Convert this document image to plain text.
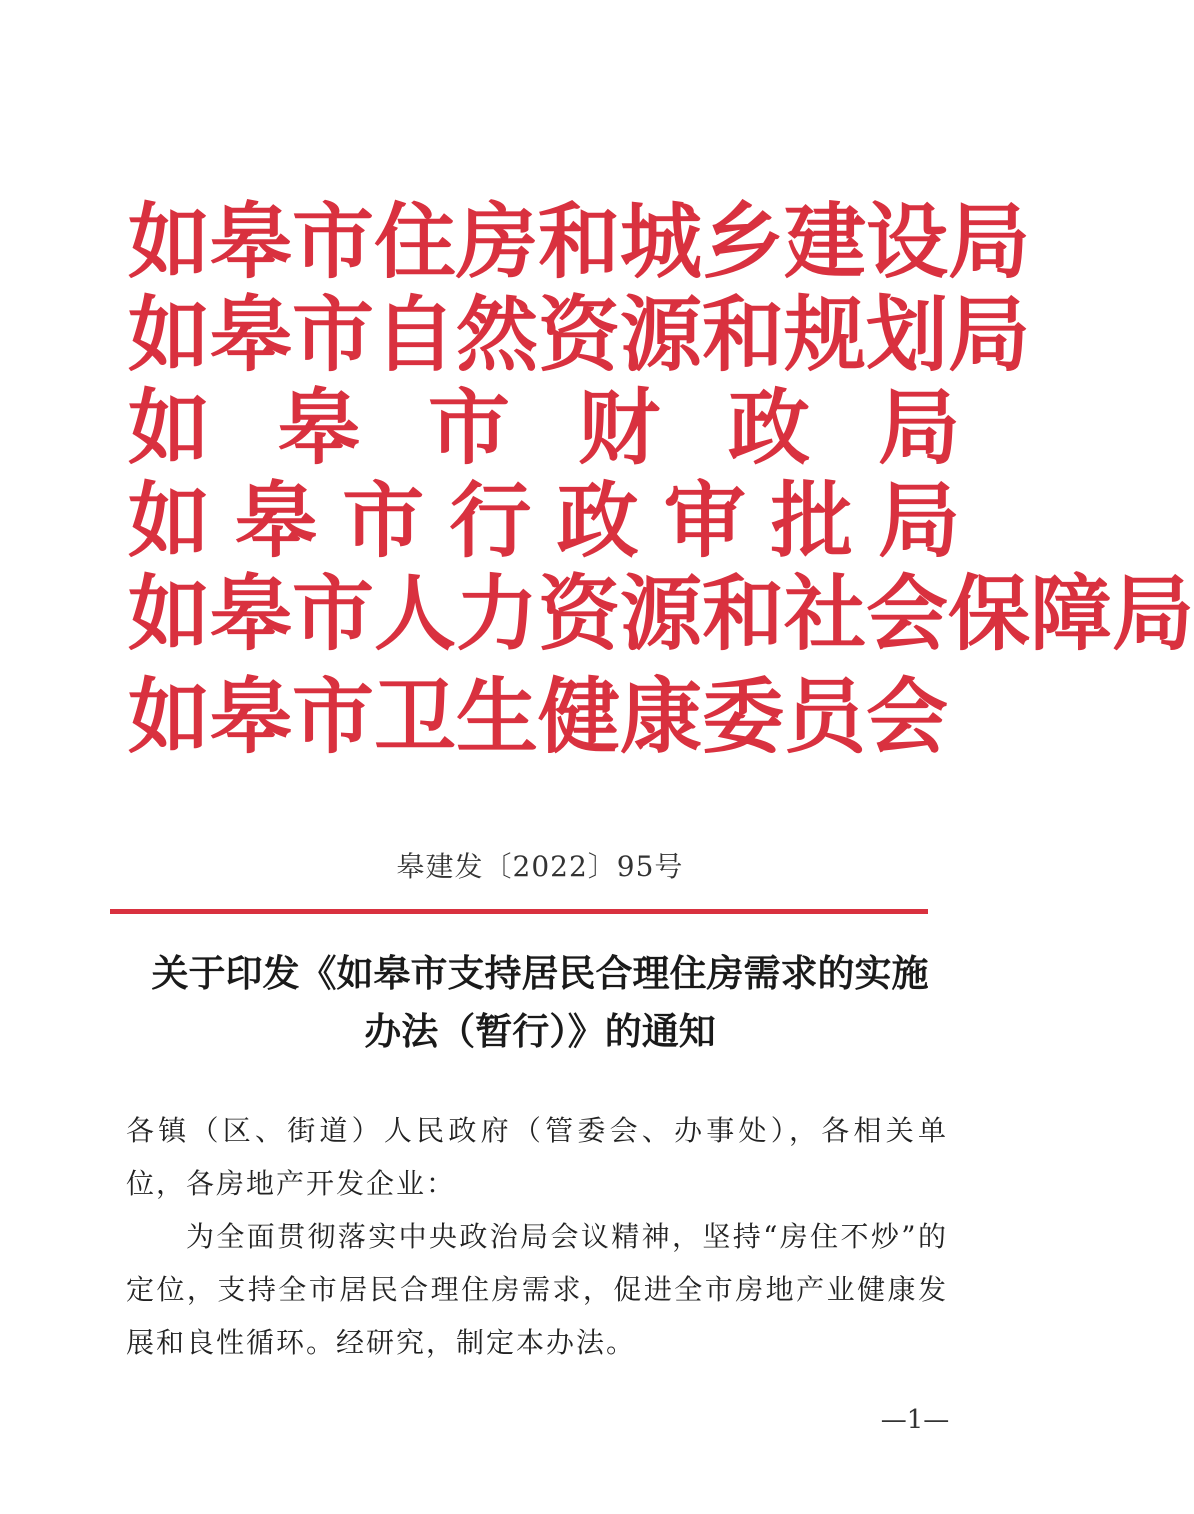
如皋市住房和城乡建设局
如皋市自然资源和规划局
如皋市财政局
如皋市行政审批局
如皋市人力资源和社会保障局
如皋市卫生健康委员会
皋建发〔2022〕95号
关于印发《如皋市支持居民合理住房需求的实施
办法（暂行）》的通知

各镇（区、街道）人民政府（管委会、办事处），各相关单位，各房地产开发企业：

为全面贯彻落实中央政治局会议精神，坚持“房住不炒”的定位，支持全市居民合理住房需求，促进全市房地产业健康发展和良性循环。经研究，制定本办法。

—1—
